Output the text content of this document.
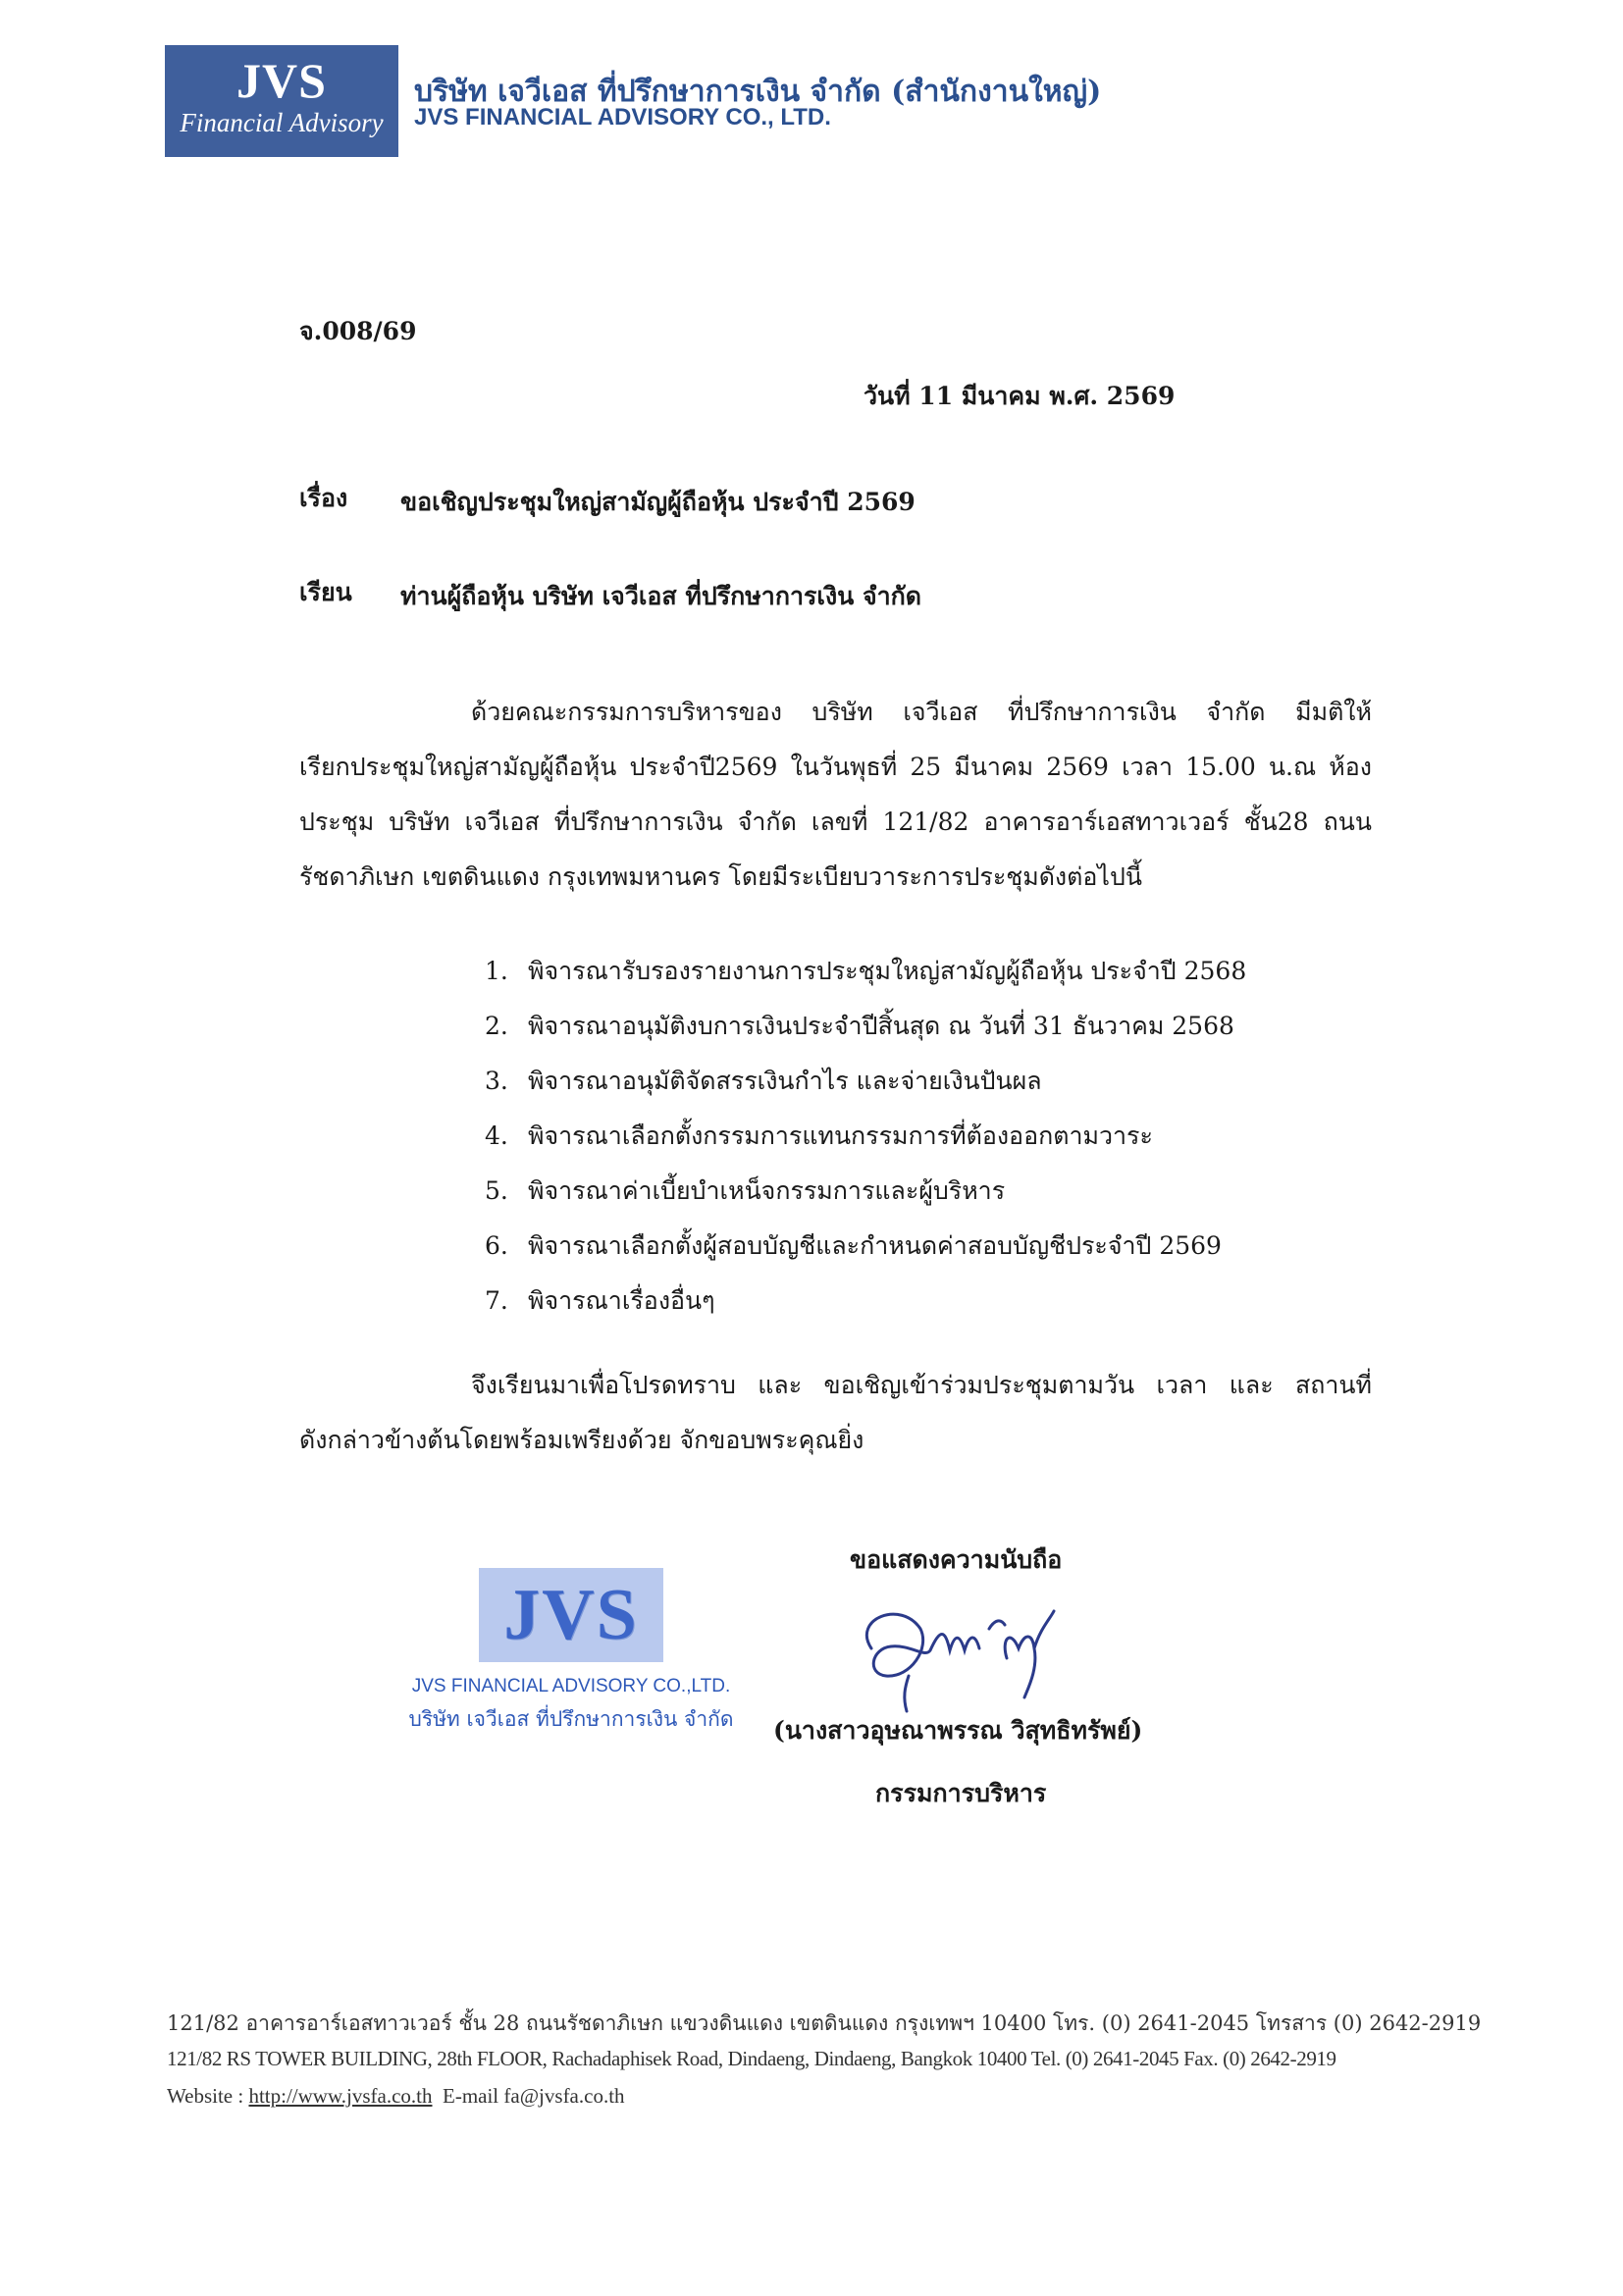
JVS
Financial Advisory
บริษัท เจวีเอส ที่ปรึกษาการเงิน จำกัด (สำนักงานใหญ่)
JVS FINANCIAL ADVISORY CO., LTD.
จ.008/69
วันที่ 11 มีนาคม พ.ศ. 2569
เรื่อง ขอเชิญประชุมใหญ่สามัญผู้ถือหุ้น ประจำปี 2569
เรียน ท่านผู้ถือหุ้น บริษัท เจวีเอส ที่ปรึกษาการเงิน จำกัด
ด้วยคณะกรรมการบริหารของ บริษัท เจวีเอส ที่ปรึกษาการเงิน จำกัด มีมติให้
เรียกประชุมใหญ่สามัญผู้ถือหุ้น ประจำปี2569 ในวันพุธที่ 25 มีนาคม 2569 เวลา 15.00 น.ณ ห้อง
ประชุม บริษัท เจวีเอส ที่ปรึกษาการเงิน จำกัด เลขที่ 121/82 อาคารอาร์เอสทาวเวอร์ ชั้น28 ถนน
รัชดาภิเษก เขตดินแดง กรุงเทพมหานคร โดยมีระเบียบวาระการประชุมดังต่อไปนี้
1. พิจารณารับรองรายงานการประชุมใหญ่สามัญผู้ถือหุ้น ประจำปี 2568
2. พิจารณาอนุมัติงบการเงินประจำปีสิ้นสุด ณ วันที่ 31 ธันวาคม 2568
3. พิจารณาอนุมัติจัดสรรเงินกำไร และจ่ายเงินปันผล
4. พิจารณาเลือกตั้งกรรมการแทนกรรมการที่ต้องออกตามวาระ
5. พิจารณาค่าเบี้ยบำเหน็จกรรมการและผู้บริหาร
6. พิจารณาเลือกตั้งผู้สอบบัญชีและกำหนดค่าสอบบัญชีประจำปี 2569
7. พิจารณาเรื่องอื่นๆ
จึงเรียนมาเพื่อโปรดทราบ และ ขอเชิญเข้าร่วมประชุมตามวัน เวลา และ สถานที่
ดังกล่าวข้างต้นโดยพร้อมเพรียงด้วย จักขอบพระคุณยิ่ง
ขอแสดงความนับถือ
JVS
JVS FINANCIAL ADVISORY CO.,LTD.
บริษัท เจวีเอส ที่ปรึกษาการเงิน จำกัด	(นางสาวอุษณาพรรณ วิสุทธิทรัพย์)
กรรมการบริหาร
121/82 อาคารอาร์เอสทาวเวอร์ ชั้น 28 ถนนรัชดาภิเษก แขวงดินแดง เขตดินแดง กรุงเทพฯ 10400 โทร. (0) 2641-2045 โทรสาร (0) 2642-2919
121/82 RS TOWER BUILDING, 28th FLOOR, Rachadaphisek Road, Dindaeng, Dindaeng, Bangkok 10400 Tel. (0) 2641-2045 Fax. (0) 2642-2919
Website : http://www.jvsfa.co.th E-mail fa@jvsfa.co.th
